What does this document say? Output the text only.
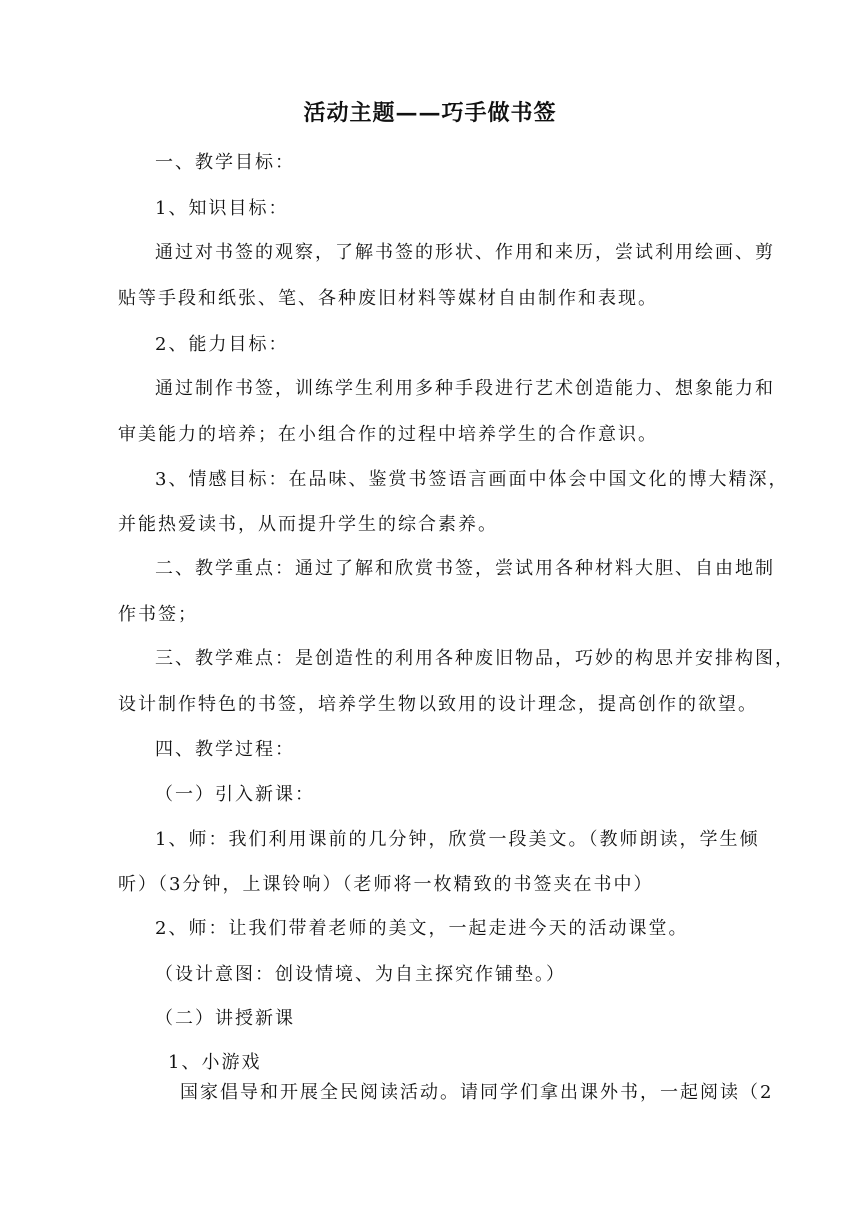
活动主题——巧手做书签
一、教学目标：
1、知识目标：
通过对书签的观察，了解书签的形状、作用和来历，尝试利用绘画、剪
贴等手段和纸张、笔、各种废旧材料等媒材自由制作和表现。
2、能力目标：
通过制作书签，训练学生利用多种手段进行艺术创造能力、想象能力和
审美能力的培养；在小组合作的过程中培养学生的合作意识。
3、情感目标：在品味、鉴赏书签语言画面中体会中国文化的博大精深，
并能热爱读书，从而提升学生的综合素养。
二、教学重点：通过了解和欣赏书签，尝试用各种材料大胆、自由地制
作书签；
三、教学难点：是创造性的利用各种废旧物品，巧妙的构思并安排构图，
设计制作特色的书签，培养学生物以致用的设计理念，提高创作的欲望。
四、教学过程：
（一）引入新课：
1、师：我们利用课前的几分钟，欣赏一段美文。（教师朗读，学生倾
听）（3分钟，上课铃响）（老师将一枚精致的书签夹在书中）
2、师：让我们带着老师的美文，一起走进今天的活动课堂。
（设计意图：创设情境、为自主探究作铺垫。）
（二）讲授新课
1、小游戏
国家倡导和开展全民阅读活动。请同学们拿出课外书，一起阅读（2
